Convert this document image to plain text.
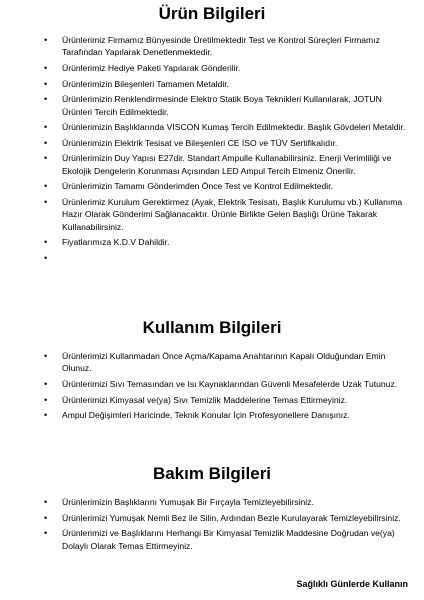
Ürün Bilgileri
• Ürünlerimiz Firmamız Bünyesinde Üretilmektedir Test ve Kontrol Süreçleri Firmamız Tarafından Yapılarak Denetlenmektedir.
• Ürünlerimiz Hediye Paketi Yapılarak Gönderilir.
• Ürünlerimizin Bileşenleri Tamamen Metaldir.
• Ürünlerimizin Renklendirmesinde Elektro Statik Boya Teknikleri Kullanılarak, JOTUN Ürünleri Tercih Edilmektedir.
• Ürünlerimizin Başlıklarında VİSCON Kumaş Tercih Edilmektedir. Başlık Gövdeleri Metaldir.
• Ürünlerimizin Elektrik Tesisat ve Bileşenleri CE İSO ve TÜV Sertifikalıdır.
• Ürünlerimizin Duy Yapısı E27dir. Standart Ampulle Kullanabilirsiniz. Enerji Verimliliği ve Ekolojik Dengelerin Korunması Açısından LED Ampul Tercih Etmeniz Önerilir.
• Ürünlerimizin Tamamı Gönderimden Önce Test ve Kontrol Edilmektedir.
• Ürünlerimiz Kurulum Gerektirmez (Ayak, Elektrik Tesisatı, Başlık Kurulumu vb.) Kullanıma Hazır Olarak Gönderimi Sağlanacaktır. Ürünle Birlikte Gelen Başlığı Ürüne Takarak Kullanabilirsiniz.
• Fiyatlarımıza K.D.V Dahildir.
•
Kullanım Bilgileri
• Ürünlerimizi Kullanmadan Önce Açma/Kapama Anahtarının Kapalı Olduğundan Emin Olunuz.
• Ürünlerimizi Sıvı Temasından ve Isı Kaynaklarından Güvenli Mesafelerde Uzak Tutunuz.
• Ürünlerimizi Kimyasal ve(ya) Sıvı Temizlik Maddelerine Temas Ettirmeyiniz.
• Ampul Değişimleri Haricinde, Teknik Konular İçin Profesyonellere Danışınız.
Bakım Bilgileri
• Ürünlerimizin Başlıklarını Yumuşak Bir Fırçayla Temizleyebilirsiniz.
• Ürünlerimizi Yumuşak Nemli Bez ile Silin, Ardından Bezle Kurulayarak Temizleyebilirsiniz.
• Ürünlerimizi ve Başlıklarını Herhangi Bir Kimyasal Temizlik Maddesine Doğrudan ve(ya) Dolaylı Olarak Temas Ettirmeyiniz.

Sağlıklı Günlerde Kullanın
